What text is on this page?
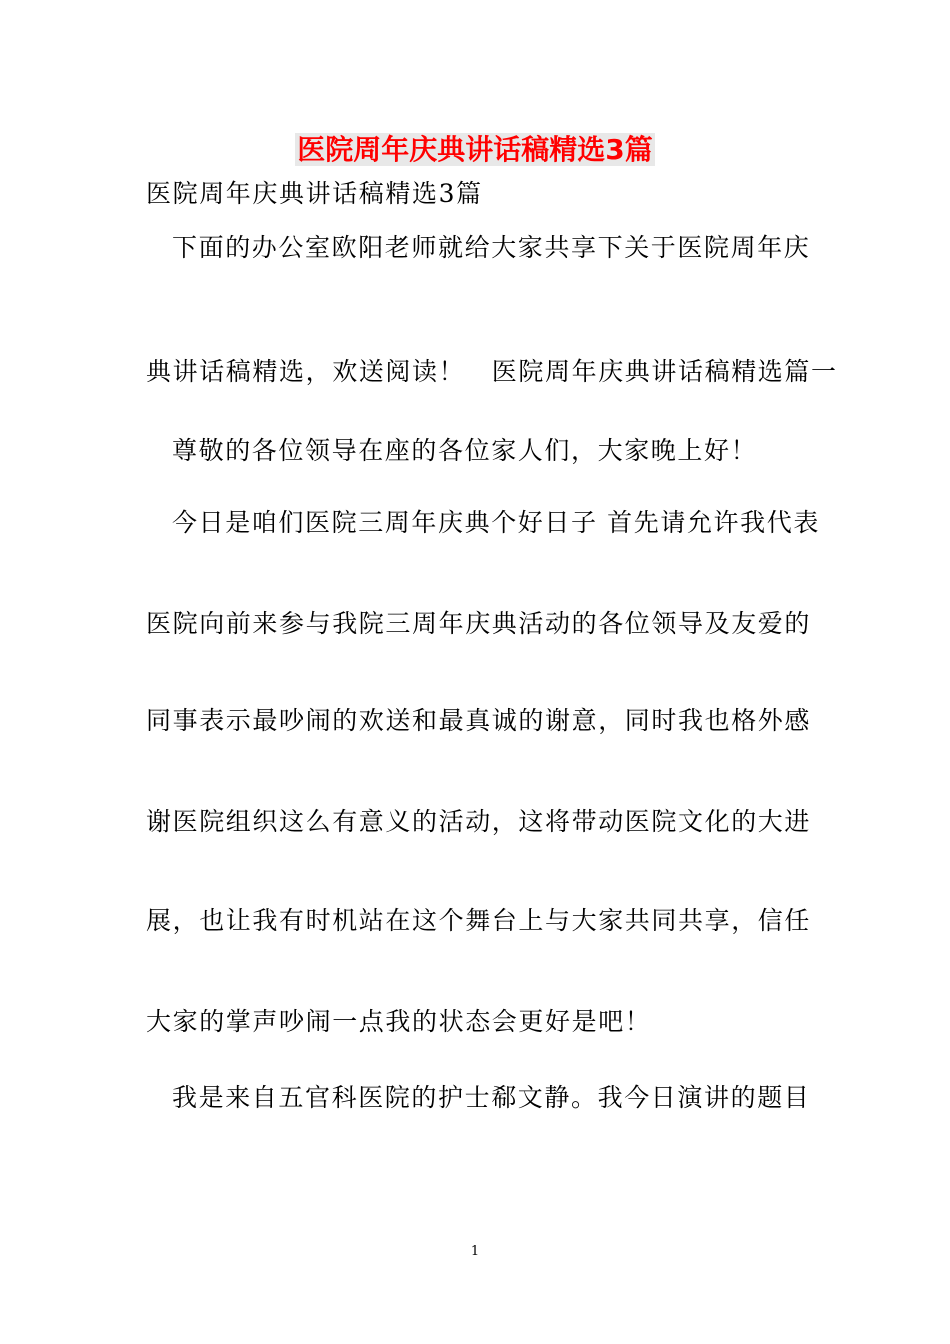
医院周年庆典讲话稿精选3篇
医院周年庆典讲话稿精选3篇
下面的办公室欧阳老师就给大家共享下关于医院周年庆
典讲话稿精选，欢送阅读！　医院周年庆典讲话稿精选篇一
尊敬的各位领导在座的各位家人们，大家晚上好！
今日是咱们医院三周年庆典个好日子 首先请允许我代表
医院向前来参与我院三周年庆典活动的各位领导及友爱的
同事表示最吵闹的欢送和最真诚的谢意，同时我也格外感
谢医院组织这么有意义的活动，这将带动医院文化的大进
展，也让我有时机站在这个舞台上与大家共同共享，信任
大家的掌声吵闹一点我的状态会更好是吧！
我是来自五官科医院的护士郗文静。我今日演讲的题目
1
